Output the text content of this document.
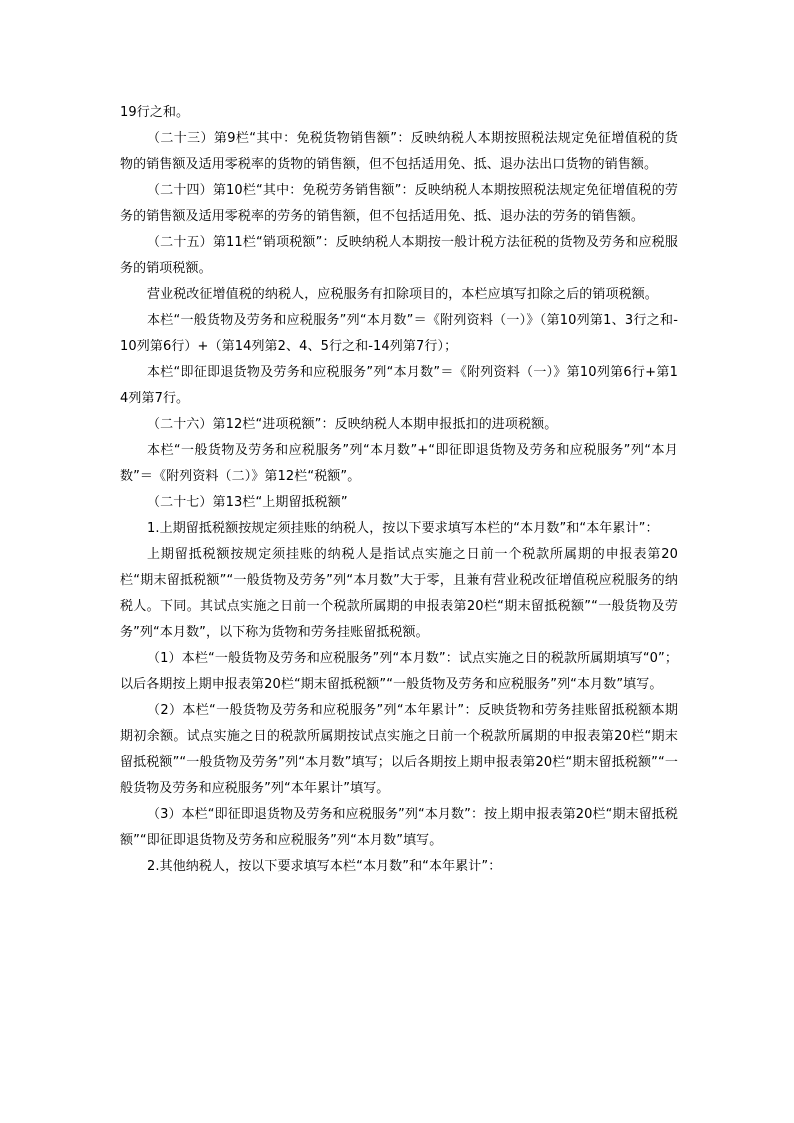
19行之和。

（二十三）第9栏“其中：免税货物销售额”：反映纳税人本期按照税法规定免征增值税的货物的销售额及适用零税率的货物的销售额，但不包括适用免、抵、退办法出口货物的销售额。

（二十四）第10栏“其中：免税劳务销售额”：反映纳税人本期按照税法规定免征增值税的劳务的销售额及适用零税率的劳务的销售额，但不包括适用免、抵、退办法的劳务的销售额。

（二十五）第11栏“销项税额”：反映纳税人本期按一般计税方法征税的货物及劳务和应税服务的销项税额。

营业税改征增值税的纳税人，应税服务有扣除项目的，本栏应填写扣除之后的销项税额。

本栏“一般货物及劳务和应税服务”列“本月数”＝《附列资料（一）》（第10列第1、3行之和-10列第6行）+（第14列第2、4、5行之和-14列第7行）；

本栏“即征即退货物及劳务和应税服务”列“本月数”＝《附列资料（一）》第10列第6行+第14列第7行。

（二十六）第12栏“进项税额”：反映纳税人本期申报抵扣的进项税额。

本栏“一般货物及劳务和应税服务”列“本月数”+“即征即退货物及劳务和应税服务”列“本月数”＝《附列资料（二）》第12栏“税额”。

（二十七）第13栏“上期留抵税额”

1.上期留抵税额按规定须挂账的纳税人，按以下要求填写本栏的“本月数”和“本年累计”：

上期留抵税额按规定须挂账的纳税人是指试点实施之日前一个税款所属期的申报表第20栏“期末留抵税额”“一般货物及劳务”列“本月数”大于零，且兼有营业税改征增值税应税服务的纳税人。下同。其试点实施之日前一个税款所属期的申报表第20栏“期末留抵税额”“一般货物及劳务”列“本月数”，以下称为货物和劳务挂账留抵税额。

（1）本栏“一般货物及劳务和应税服务”列“本月数”：试点实施之日的税款所属期填写“0”；以后各期按上期申报表第20栏“期末留抵税额”“一般货物及劳务和应税服务”列“本月数”填写。

（2）本栏“一般货物及劳务和应税服务”列“本年累计”：反映货物和劳务挂账留抵税额本期期初余额。试点实施之日的税款所属期按试点实施之日前一个税款所属期的申报表第20栏“期末留抵税额”“一般货物及劳务”列“本月数”填写；以后各期按上期申报表第20栏“期末留抵税额”“一般货物及劳务和应税服务”列“本年累计”填写。

（3）本栏“即征即退货物及劳务和应税服务”列“本月数”：按上期申报表第20栏“期末留抵税额”“即征即退货物及劳务和应税服务”列“本月数”填写。

2.其他纳税人，按以下要求填写本栏“本月数”和“本年累计”：
